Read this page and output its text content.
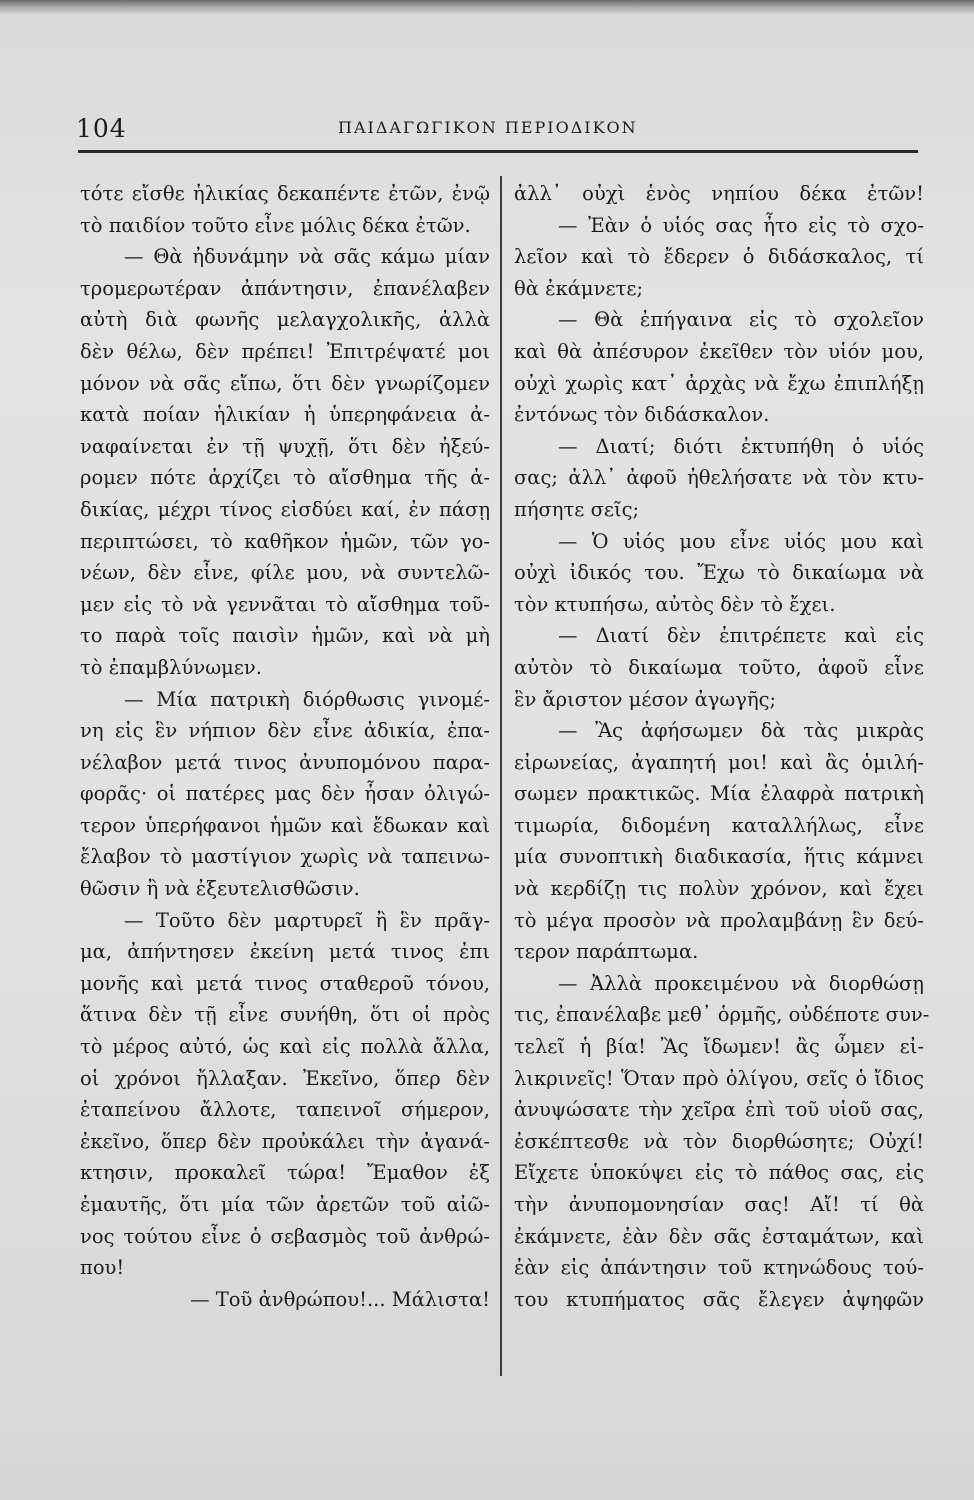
104	ΠΑΙΔΑΓΩΓΙΚΟΝ ΠΕΡΙΟΔΙΚΟΝ
τότε εἴσθε ἡλικίας δεκαπέντε ἐτῶν, ἐνῷ
τὸ παιδίον τοῦτο εἶνε μόλις δέκα ἐτῶν.
— Θὰ ἠδυνάμην νὰ σᾶς κάμω μίαν
τρομερωτέραν ἀπάντησιν, ἐπανέλαβεν
αὐτὴ διὰ φωνῆς μελαγχολικῆς, ἀλλὰ
δὲν θέλω, δὲν πρέπει! Ἐπιτρέψατέ μοι
μόνον νὰ σᾶς εἴπω, ὅτι δὲν γνωρίζομεν
κατὰ ποίαν ἡλικίαν ἡ ὑπερηφάνεια ἀ-
ναφαίνεται ἐν τῇ ψυχῇ, ὅτι δὲν ἠξεύ-
ρομεν πότε ἀρχίζει τὸ αἴσθημα τῆς ἀ-
δικίας, μέχρι τίνος εἰσδύει καί, ἐν πάσῃ
περιπτώσει, τὸ καθῆκον ἡμῶν, τῶν γο-
νέων, δὲν εἶνε, φίλε μου, νὰ συντελῶ-
μεν εἰς τὸ νὰ γεννᾶται τὸ αἴσθημα τοῦ-
το παρὰ τοῖς παισὶν ἡμῶν, καὶ νὰ μὴ
τὸ ἐπαμβλύνωμεν.
— Μία πατρικὴ διόρθωσις γινομέ-
νη εἰς ἓν νήπιον δὲν εἶνε ἀδικία, ἐπα-
νέλαβον μετά τινος ἀνυπομόνου παρα-
φορᾶς· οἱ πατέρες μας δὲν ἦσαν ὀλιγώ-
τερον ὑπερήφανοι ἡμῶν καὶ ἔδωκαν καὶ
ἔλαβον τὸ μαστίγιον χωρὶς νὰ ταπεινω-
θῶσιν ἢ νὰ ἐξευτελισθῶσιν.
— Τοῦτο δὲν μαρτυρεῖ ἢ ἓν πρᾶγ-
μα, ἀπήντησεν ἐκείνη μετά τινος ἐπι
μονῆς καὶ μετά τινος σταθεροῦ τόνου,
ἅτινα δὲν τῇ εἶνε συνήθη, ὅτι οἱ πρὸς
τὸ μέρος αὐτό, ὡς καὶ εἰς πολλὰ ἄλλα,
οἱ χρόνοι ἤλλαξαν. Ἐκεῖνο, ὅπερ δὲν
ἐταπείνου ἄλλοτε, ταπεινοῖ σήμερον,
ἐκεῖνο, ὅπερ δὲν προὐκάλει τὴν ἀγανά-
κτησιν, προκαλεῖ τώρα! Ἔμαθον ἐξ
ἐμαυτῆς, ὅτι μία τῶν ἀρετῶν τοῦ αἰῶ-
νος τούτου εἶνε ὁ σεβασμὸς τοῦ ἀνθρώ-
που!
— Τοῦ ἀνθρώπου!... Μάλιστα!
ἀλλ᾽ οὐχὶ ἑνὸς νηπίου δέκα ἐτῶν!
— Ἐὰν ὁ υἱός σας ἦτο εἰς τὸ σχο-
λεῖον καὶ τὸ ἔδερεν ὁ διδάσκαλος, τί
θὰ ἐκάμνετε;
— Θὰ ἐπήγαινα εἰς τὸ σχολεῖον
καὶ θὰ ἀπέσυρον ἐκεῖθεν τὸν υἱόν μου,
οὐχὶ χωρὶς κατ᾽ ἀρχὰς νὰ ἔχω ἐπιπλήξῃ
ἐντόνως τὸν διδάσκαλον.
— Διατί; διότι ἐκτυπήθη ὁ υἱός
σας; ἀλλ᾽ ἀφοῦ ἠθελήσατε νὰ τὸν κτυ-
πήσητε σεῖς;
— Ὁ υἱός μου εἶνε υἱός μου καὶ
οὐχὶ ἰδικός του. Ἔχω τὸ δικαίωμα νὰ
τὸν κτυπήσω, αὐτὸς δὲν τὸ ἔχει.
— Διατί δὲν ἐπιτρέπετε καὶ εἰς
αὐτὸν τὸ δικαίωμα τοῦτο, ἀφοῦ εἶνε
ἓν ἄριστον μέσον ἀγωγῆς;
— Ἂς ἀφήσωμεν δὰ τὰς μικρὰς
εἰρωνείας, ἀγαπητή μοι! καὶ ἂς ὁμιλή-
σωμεν πρακτικῶς. Μία ἐλαφρὰ πατρικὴ
τιμωρία, διδομένη καταλλήλως, εἶνε
μία συνοπτικὴ διαδικασία, ἥτις κάμνει
νὰ κερδίζῃ τις πολὺν χρόνον, καὶ ἔχει
τὸ μέγα προσὸν νὰ προλαμβάνῃ ἓν δεύ-
τερον παράπτωμα.
— Ἀλλὰ προκειμένου νὰ διορθώσῃ
τις, ἐπανέλαβε μεθ᾽ ὁρμῆς, οὐδέποτε συν-
τελεῖ ἡ βία! Ἂς ἴδωμεν! ἂς ὦμεν εἰ-
λικρινεῖς! Ὅταν πρὸ ὀλίγου, σεῖς ὁ ἴδιος
ἀνυψώσατε τὴν χεῖρα ἐπὶ τοῦ υἱοῦ σας,
ἐσκέπτεσθε νὰ τὸν διορθώσητε; Οὐχί!
Εἴχετε ὑποκύψει εἰς τὸ πάθος σας, εἰς
τὴν ἀνυπομονησίαν σας! Αἴ! τί θὰ
ἐκάμνετε, ἐὰν δὲν σᾶς ἐσταμάτων, καὶ
ἐὰν εἰς ἀπάντησιν τοῦ κτηνώδους τού-
του κτυπήματος σᾶς ἔλεγεν ἀψηφῶν
